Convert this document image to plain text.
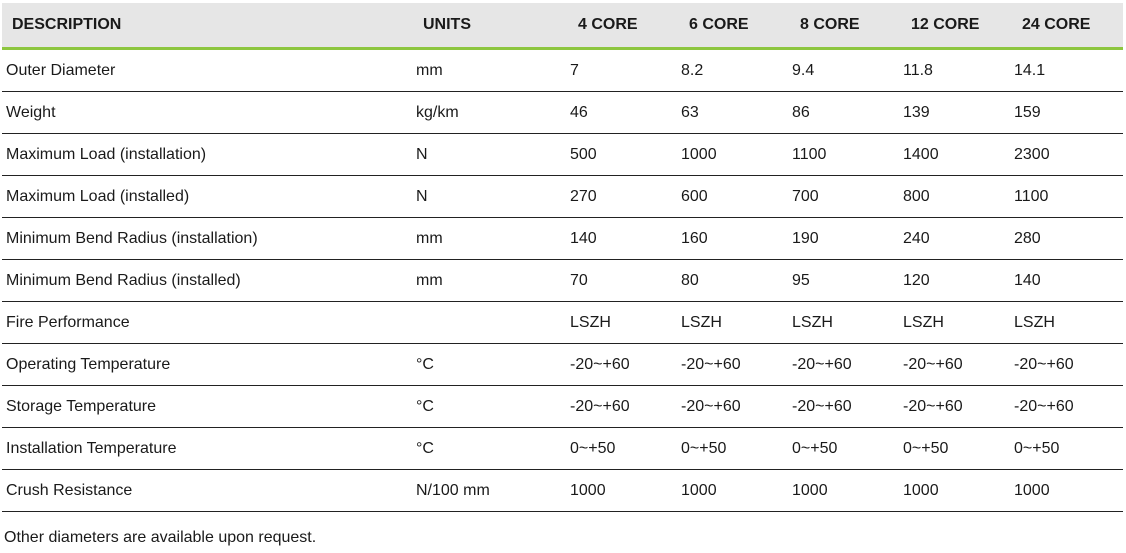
DESCRIPTION	UNITS	4 CORE	6 CORE	8 CORE	12 CORE	24 CORE
Outer Diameter	mm	7	8.2	9.4	11.8	14.1
Weight	kg/km	46	63	86	139	159
Maximum Load (installation)	N	500	1000	1100	1400	2300
Maximum Load (installed)	N	270	600	700	800	1100
Minimum Bend Radius (installation)	mm	140	160	190	240	280
Minimum Bend Radius (installed)	mm	70	80	95	120	140
Fire Performance		LSZH	LSZH	LSZH	LSZH	LSZH
Operating Temperature	°C	-20~+60	-20~+60	-20~+60	-20~+60	-20~+60
Storage Temperature	°C	-20~+60	-20~+60	-20~+60	-20~+60	-20~+60
Installation Temperature	°C	0~+50	0~+50	0~+50	0~+50	0~+50
Crush Resistance	N/100 mm	1000	1000	1000	1000	1000
Other diameters are available upon request.
